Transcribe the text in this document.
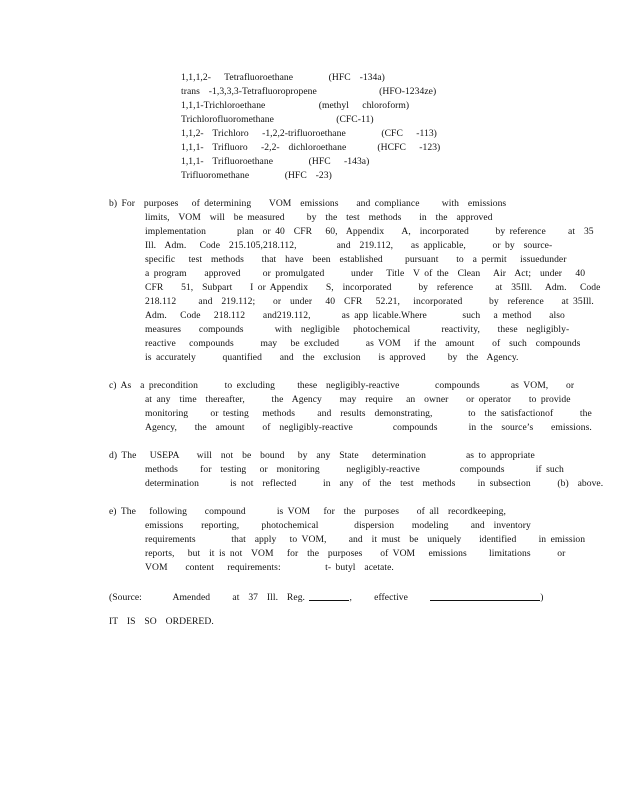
1,1,1,2-   Tetrafluoroethane        (HFC  -134a)
trans  -1,3,3,3-Tetrafluoropropene              (HFO-1234ze)
1,1,1-Trichloroethane            (methyl   chloroform)
Trichlorofluoromethane              (CFC-11)
1,1,2-  Trichloro   -1,2,2-trifluoroethane        (CFC   -113)
1,1,1-  Trifluoro   -2,2-  dichloroethane       (HCFC   -123)
1,1,1-  Trifluoroethane        (HFC   -143a)
Trifluoromethane        (HFC  -23)
b) For  purposes   of determining    VOM  emissions    and compliance     with  emissions
limits,  VOM  will  be measured     by  the  test  methods    in  the  approved
implementation       plan  or 40  CFR   60,  Appendix    A,  incorporated      by reference     at  35
Ill.  Adm.   Code  215.105,218.112,         and  219.112,    as applicable,      or by  source-
specific   test  methods    that  have  been  established     pursuant    to  a permit   issuedunder
a program    approved     or promulgated      under   Title  V of the  Clean   Air  Act;  under   40
CFR    51,  Subpart    I or Appendix    S,  incorporated      by  reference     at  35Ill.   Adm.   Code
218.112     and  219.112;    or  under   40  CFR   52.21,   incorporated      by  reference    at 35Ill.
Adm.   Code   218.112    and219.112,       as app licable.Where        such   a method    also
measures    compounds       with  negligible   photochemical       reactivity,    these  negligibly-
reactive   compounds      may   be excluded      as VOM   if the  amount    of  such  compounds
is accurately      quantified    and  the  exclusion    is approved     by  the  Agency.
c) As  a precondition      to excluding     these  negligibly-reactive        compounds       as VOM,    or
at any  time  thereafter,      the  Agency    may  require   an  owner    or operator    to provide
monitoring     or testing   methods     and  results  demonstrating,        to  the satisfactionof      the
Agency,    the  amount    of  negligibly-reactive         compounds       in the  source’s    emissions.
d) The   USEPA    will  not  be  bound   by  any  State   determination         as to appropriate
methods     for  testing   or  monitoring      negligibly-reactive         compounds       if such
determination       is not  reflected      in  any  of  the  test  methods     in subsection      (b)  above.
e) The   following    compound       is VOM   for  the  purposes    of all  recordkeeping,
emissions    reporting,     photochemical        dispersion    modeling     and  inventory
requirements        that  apply   to VOM,     and  it must  be  uniquely    identified     in emission
reports,   but  it is not  VOM   for  the  purposes    of VOM   emissions     limitations      or
VOM    content   requirements:          t- butyl  acetate.
(Source:       Amended     at  37  Ill.  Reg.	, effective	)
IT  IS  SO  ORDERED.
